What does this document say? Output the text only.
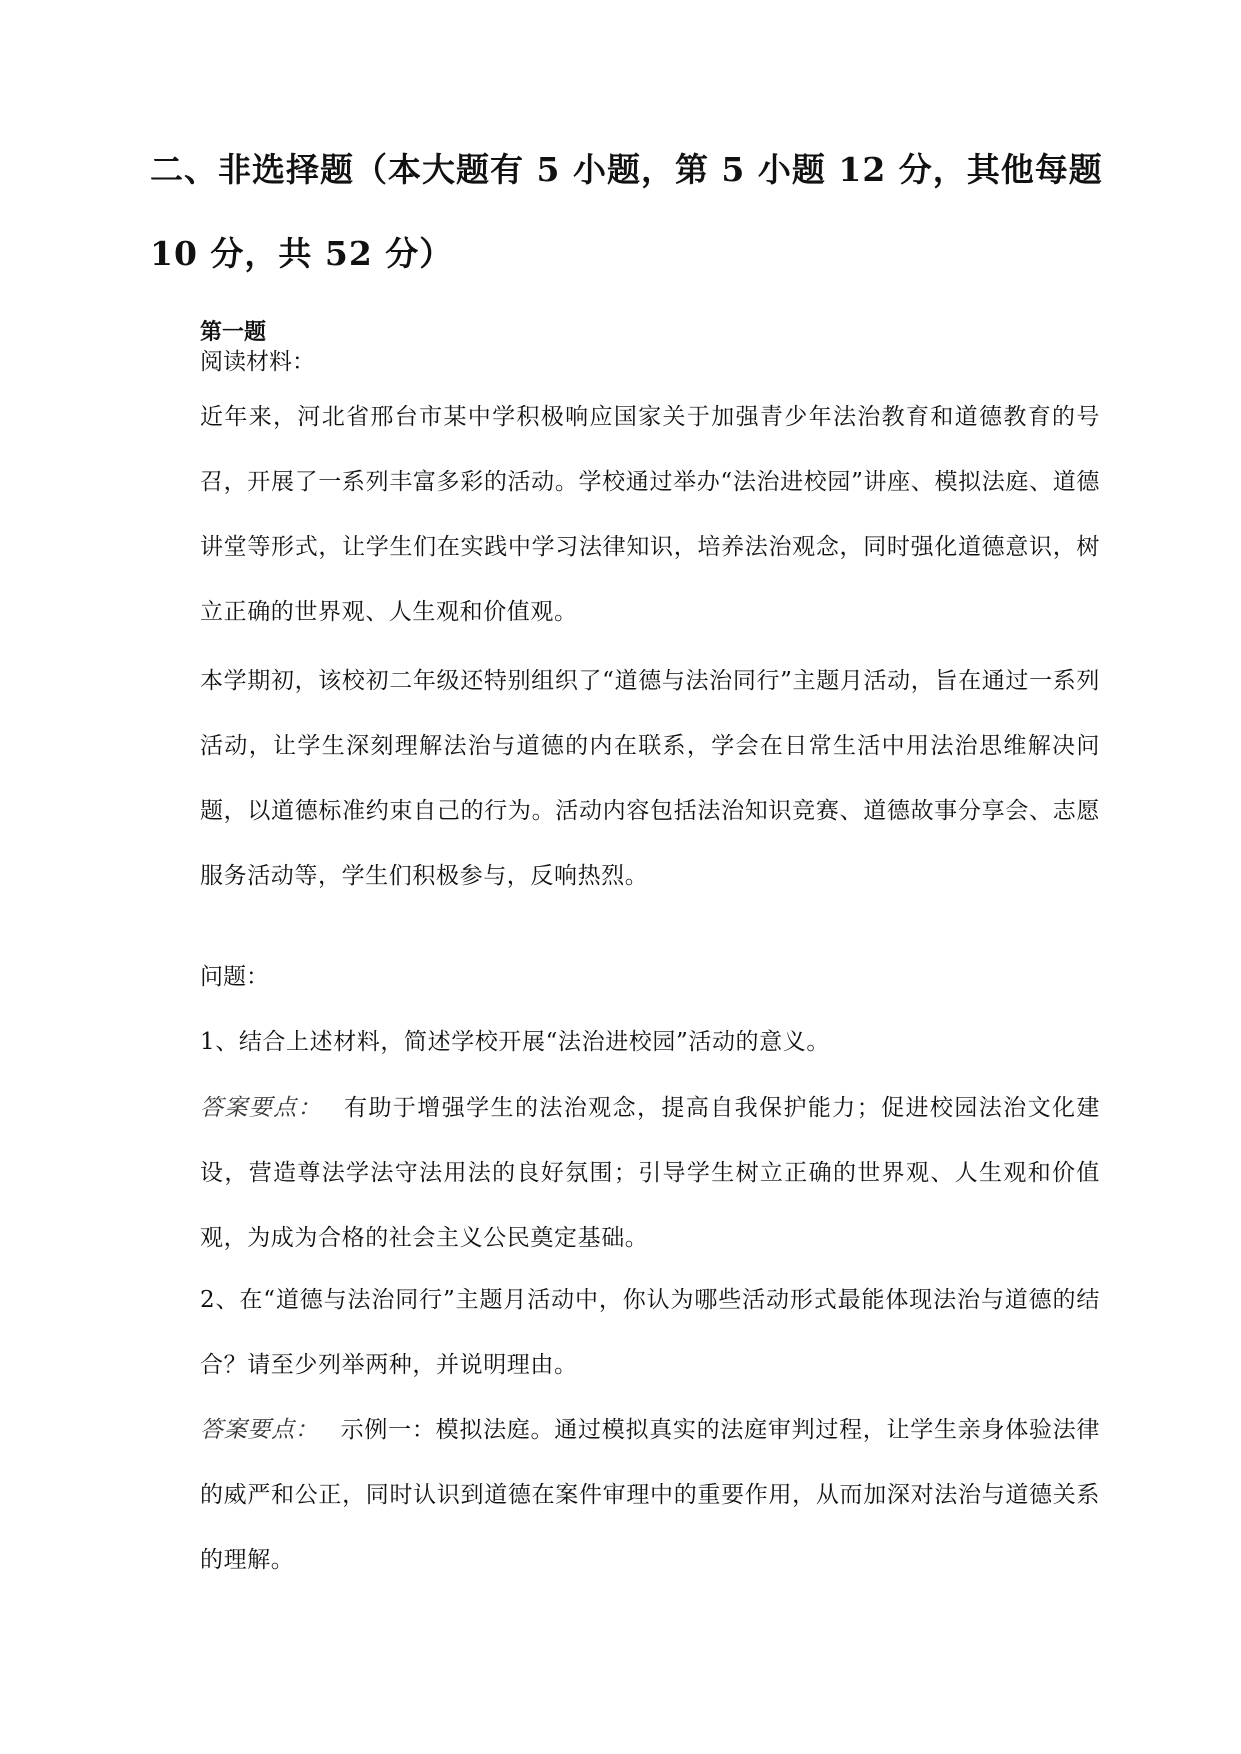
二、非选择题（本大题有 5 小题，第 5 小题 12 分，其他每题 10 分，共 52 分）
第一题
阅读材料：

近年来，河北省邢台市某中学积极响应国家关于加强青少年法治教育和道德教育的号召，开展了一系列丰富多彩的活动。学校通过举办“法治进校园”讲座、模拟法庭、道德讲堂等形式，让学生们在实践中学习法律知识，培养法治观念，同时强化道德意识，树立正确的世界观、人生观和价值观。

本学期初，该校初二年级还特别组织了“道德与法治同行”主题月活动，旨在通过一系列活动，让学生深刻理解法治与道德的内在联系，学会在日常生活中用法治思维解决问题，以道德标准约束自己的行为。活动内容包括法治知识竞赛、道德故事分享会、志愿服务活动等，学生们积极参与，反响热烈。

问题：

1、结合上述材料，简述学校开展“法治进校园”活动的意义。

答案要点： 有助于增强学生的法治观念，提高自我保护能力；促进校园法治文化建设，营造尊法学法守法用法的良好氛围；引导学生树立正确的世界观、人生观和价值观，为成为合格的社会主义公民奠定基础。

2、在“道德与法治同行”主题月活动中，你认为哪些活动形式最能体现法治与道德的结合？请至少列举两种，并说明理由。

答案要点： 示例一：模拟法庭。通过模拟真实的法庭审判过程，让学生亲身体验法律的威严和公正，同时认识到道德在案件审理中的重要作用，从而加深对法治与道德关系的理解。
